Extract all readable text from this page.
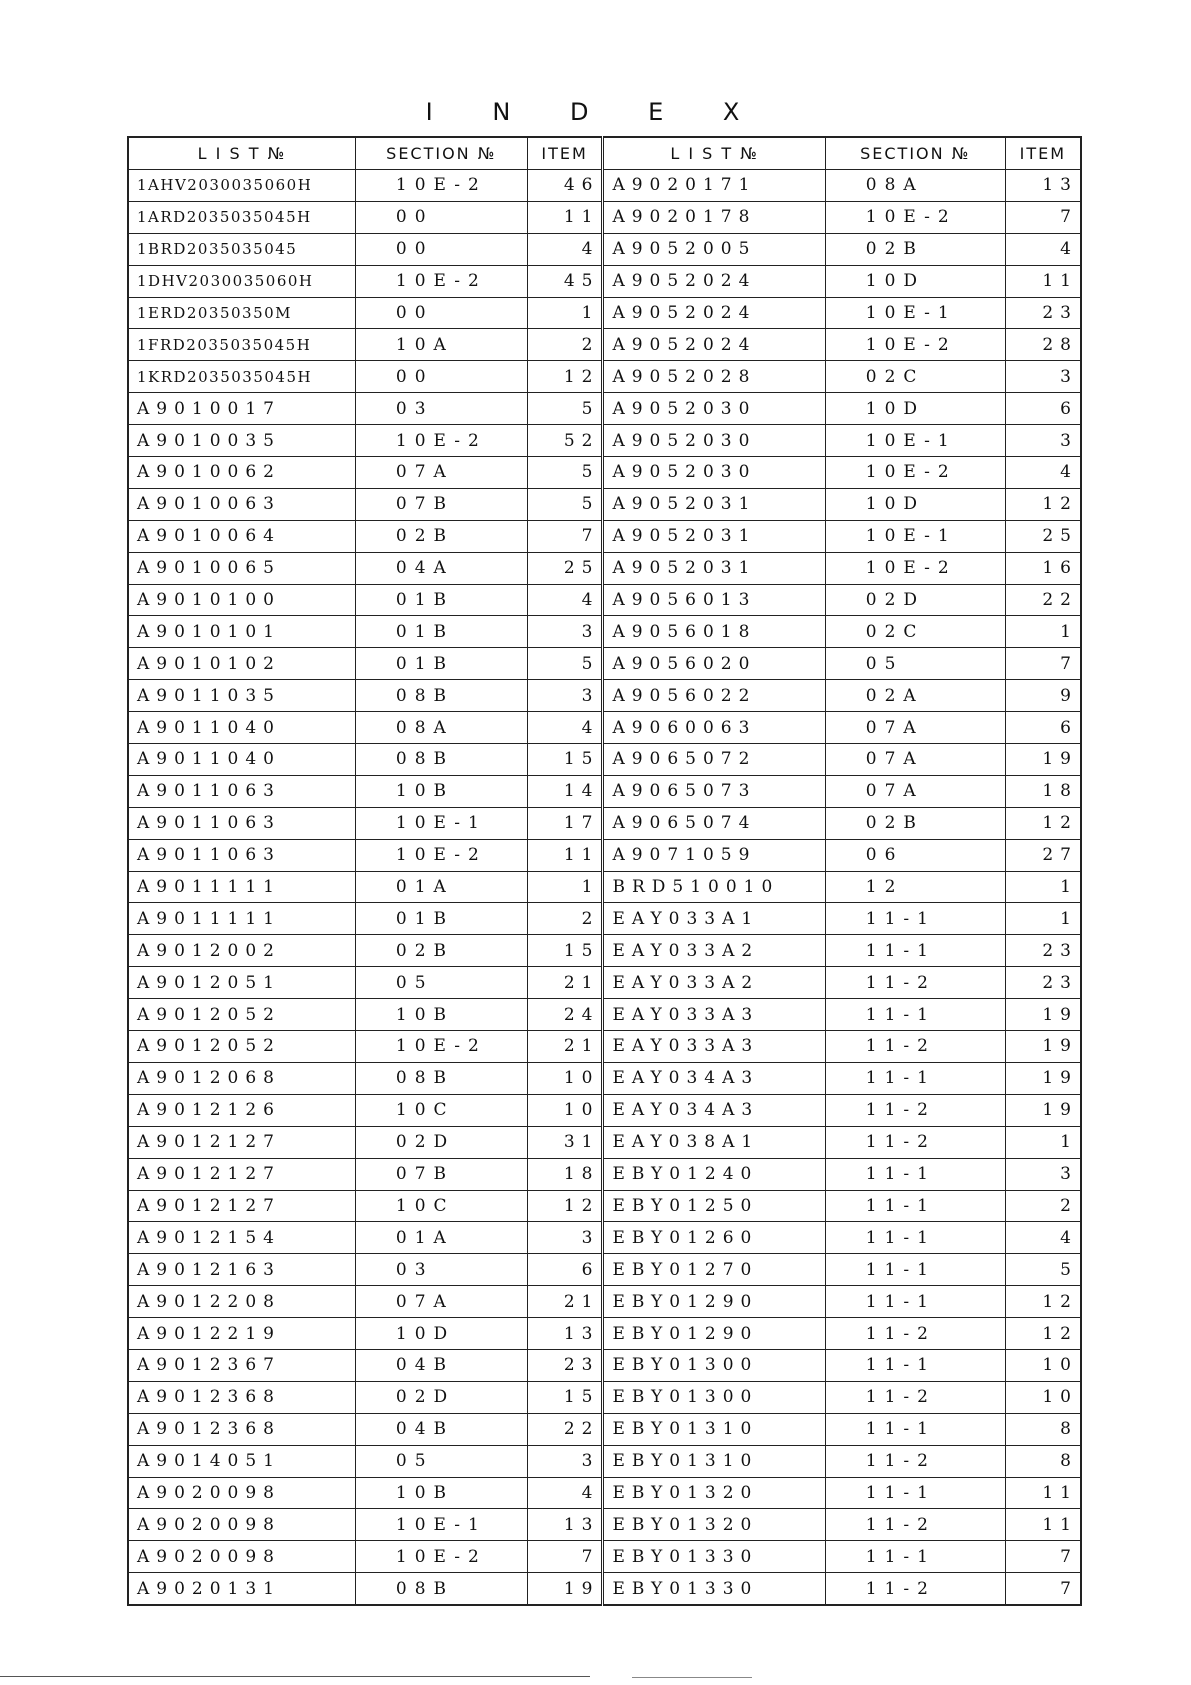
I N D E X
L I S T №	SECTION №	ITEM	L I S T №	SECTION №	ITEM
1AHV2030035060H	10E-2	46	A9020171	08A	13
1ARD2035035045H	00	11	A9020178	10E-2	7
1BRD2035035045	00	4	A9052005	02B	4
1DHV2030035060H	10E-2	45	A9052024	10D	11
1ERD20350350M	00	1	A9052024	10E-1	23
1FRD2035035045H	10A	2	A9052024	10E-2	28
1KRD2035035045H	00	12	A9052028	02C	3
A9010017	03	5	A9052030	10D	6
A9010035	10E-2	52	A9052030	10E-1	3
A9010062	07A	5	A9052030	10E-2	4
A9010063	07B	5	A9052031	10D	12
A9010064	02B	7	A9052031	10E-1	25
A9010065	04A	25	A9052031	10E-2	16
A9010100	01B	4	A9056013	02D	22
A9010101	01B	3	A9056018	02C	1
A9010102	01B	5	A9056020	05	7
A9011035	08B	3	A9056022	02A	9
A9011040	08A	4	A9060063	07A	6
A9011040	08B	15	A9065072	07A	19
A9011063	10B	14	A9065073	07A	18
A9011063	10E-1	17	A9065074	02B	12
A9011063	10E-2	11	A9071059	06	27
A9011111	01A	1	BRD510010	12	1
A9011111	01B	2	EAY033A1	11-1	1
A9012002	02B	15	EAY033A2	11-1	23
A9012051	05	21	EAY033A2	11-2	23
A9012052	10B	24	EAY033A3	11-1	19
A9012052	10E-2	21	EAY033A3	11-2	19
A9012068	08B	10	EAY034A3	11-1	19
A9012126	10C	10	EAY034A3	11-2	19
A9012127	02D	31	EAY038A1	11-2	1
A9012127	07B	18	EBY01240	11-1	3
A9012127	10C	12	EBY01250	11-1	2
A9012154	01A	3	EBY01260	11-1	4
A9012163	03	6	EBY01270	11-1	5
A9012208	07A	21	EBY01290	11-1	12
A9012219	10D	13	EBY01290	11-2	12
A9012367	04B	23	EBY01300	11-1	10
A9012368	02D	15	EBY01300	11-2	10
A9012368	04B	22	EBY01310	11-1	8
A9014051	05	3	EBY01310	11-2	8
A9020098	10B	4	EBY01320	11-1	11
A9020098	10E-1	13	EBY01320	11-2	11
A9020098	10E-2	7	EBY01330	11-1	7
A9020131	08B	19	EBY01330	11-2	7
